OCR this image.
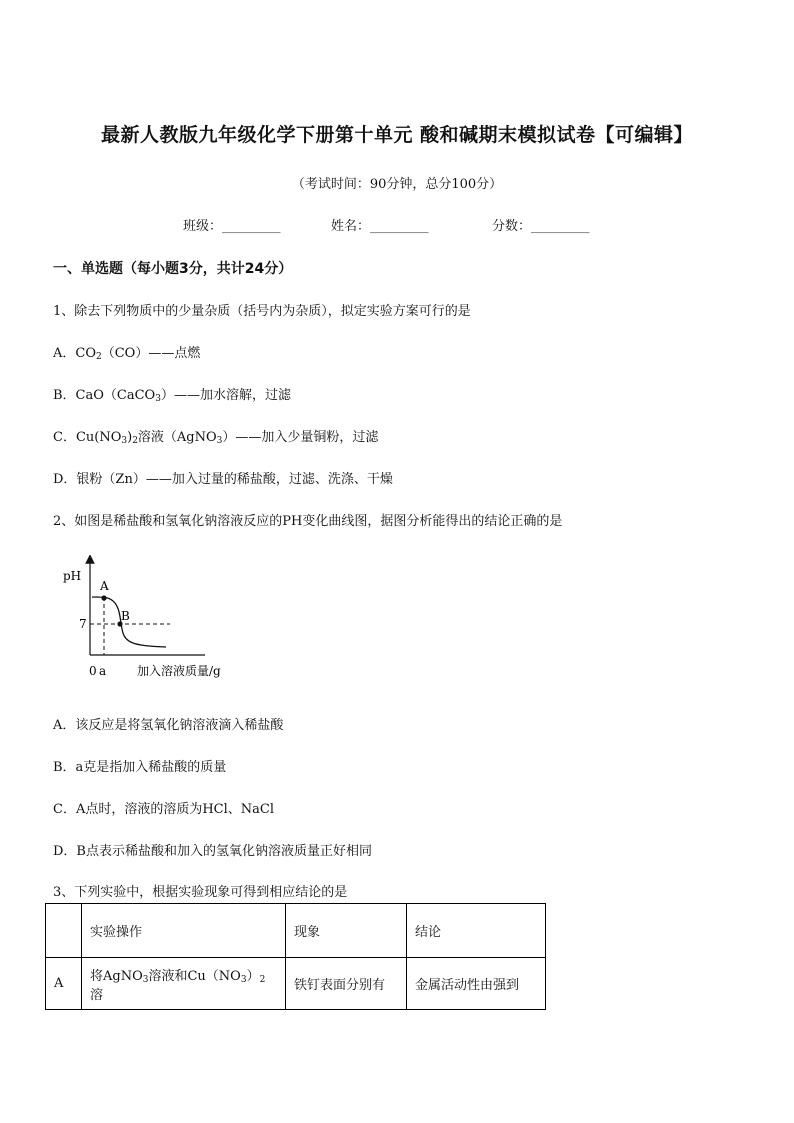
最新人教版九年级化学下册第十单元 酸和碱期末模拟试卷【可编辑】
（考试时间：90分钟，总分100分）
班级：_________	姓名：_________	分数：_________
一、单选题（每小题3分，共计24分）
1、除去下列物质中的少量杂质（括号内为杂质），拟定实验方案可行的是
A．$CO_2(CO)——$点燃
B．CaO（CaCO$_3$）——加水溶解，过滤
C．$Cu(NO_3)_2$溶液（AgNO$_3$）——加入少量铜粉，过滤
D．银粉（Zn）——加入过量的稀盐酸，过滤、洗涤、干燥
2、如图是稀盐酸和氢氧化钠溶液反应的PH变化曲线图，据图分析能得出的结论正确的是
pH
7
A
B
0 a	加入溶液质量/g
A．该反应是将氢氧化钠溶液滴入稀盐酸
B．a克是指加入稀盐酸的质量
C．A点时，溶液的溶质为HCl、NaCl
D．B点表示稀盐酸和加入的氢氧化钠溶液质量正好相同
3、下列实验中，根据实验现象可得到相应结论的是
	实验操作	现象	结论
A	将AgNO$_3$溶液和$Cu(NO_3)_2$溶	铁钉表面分别有	金属活动性由强到
